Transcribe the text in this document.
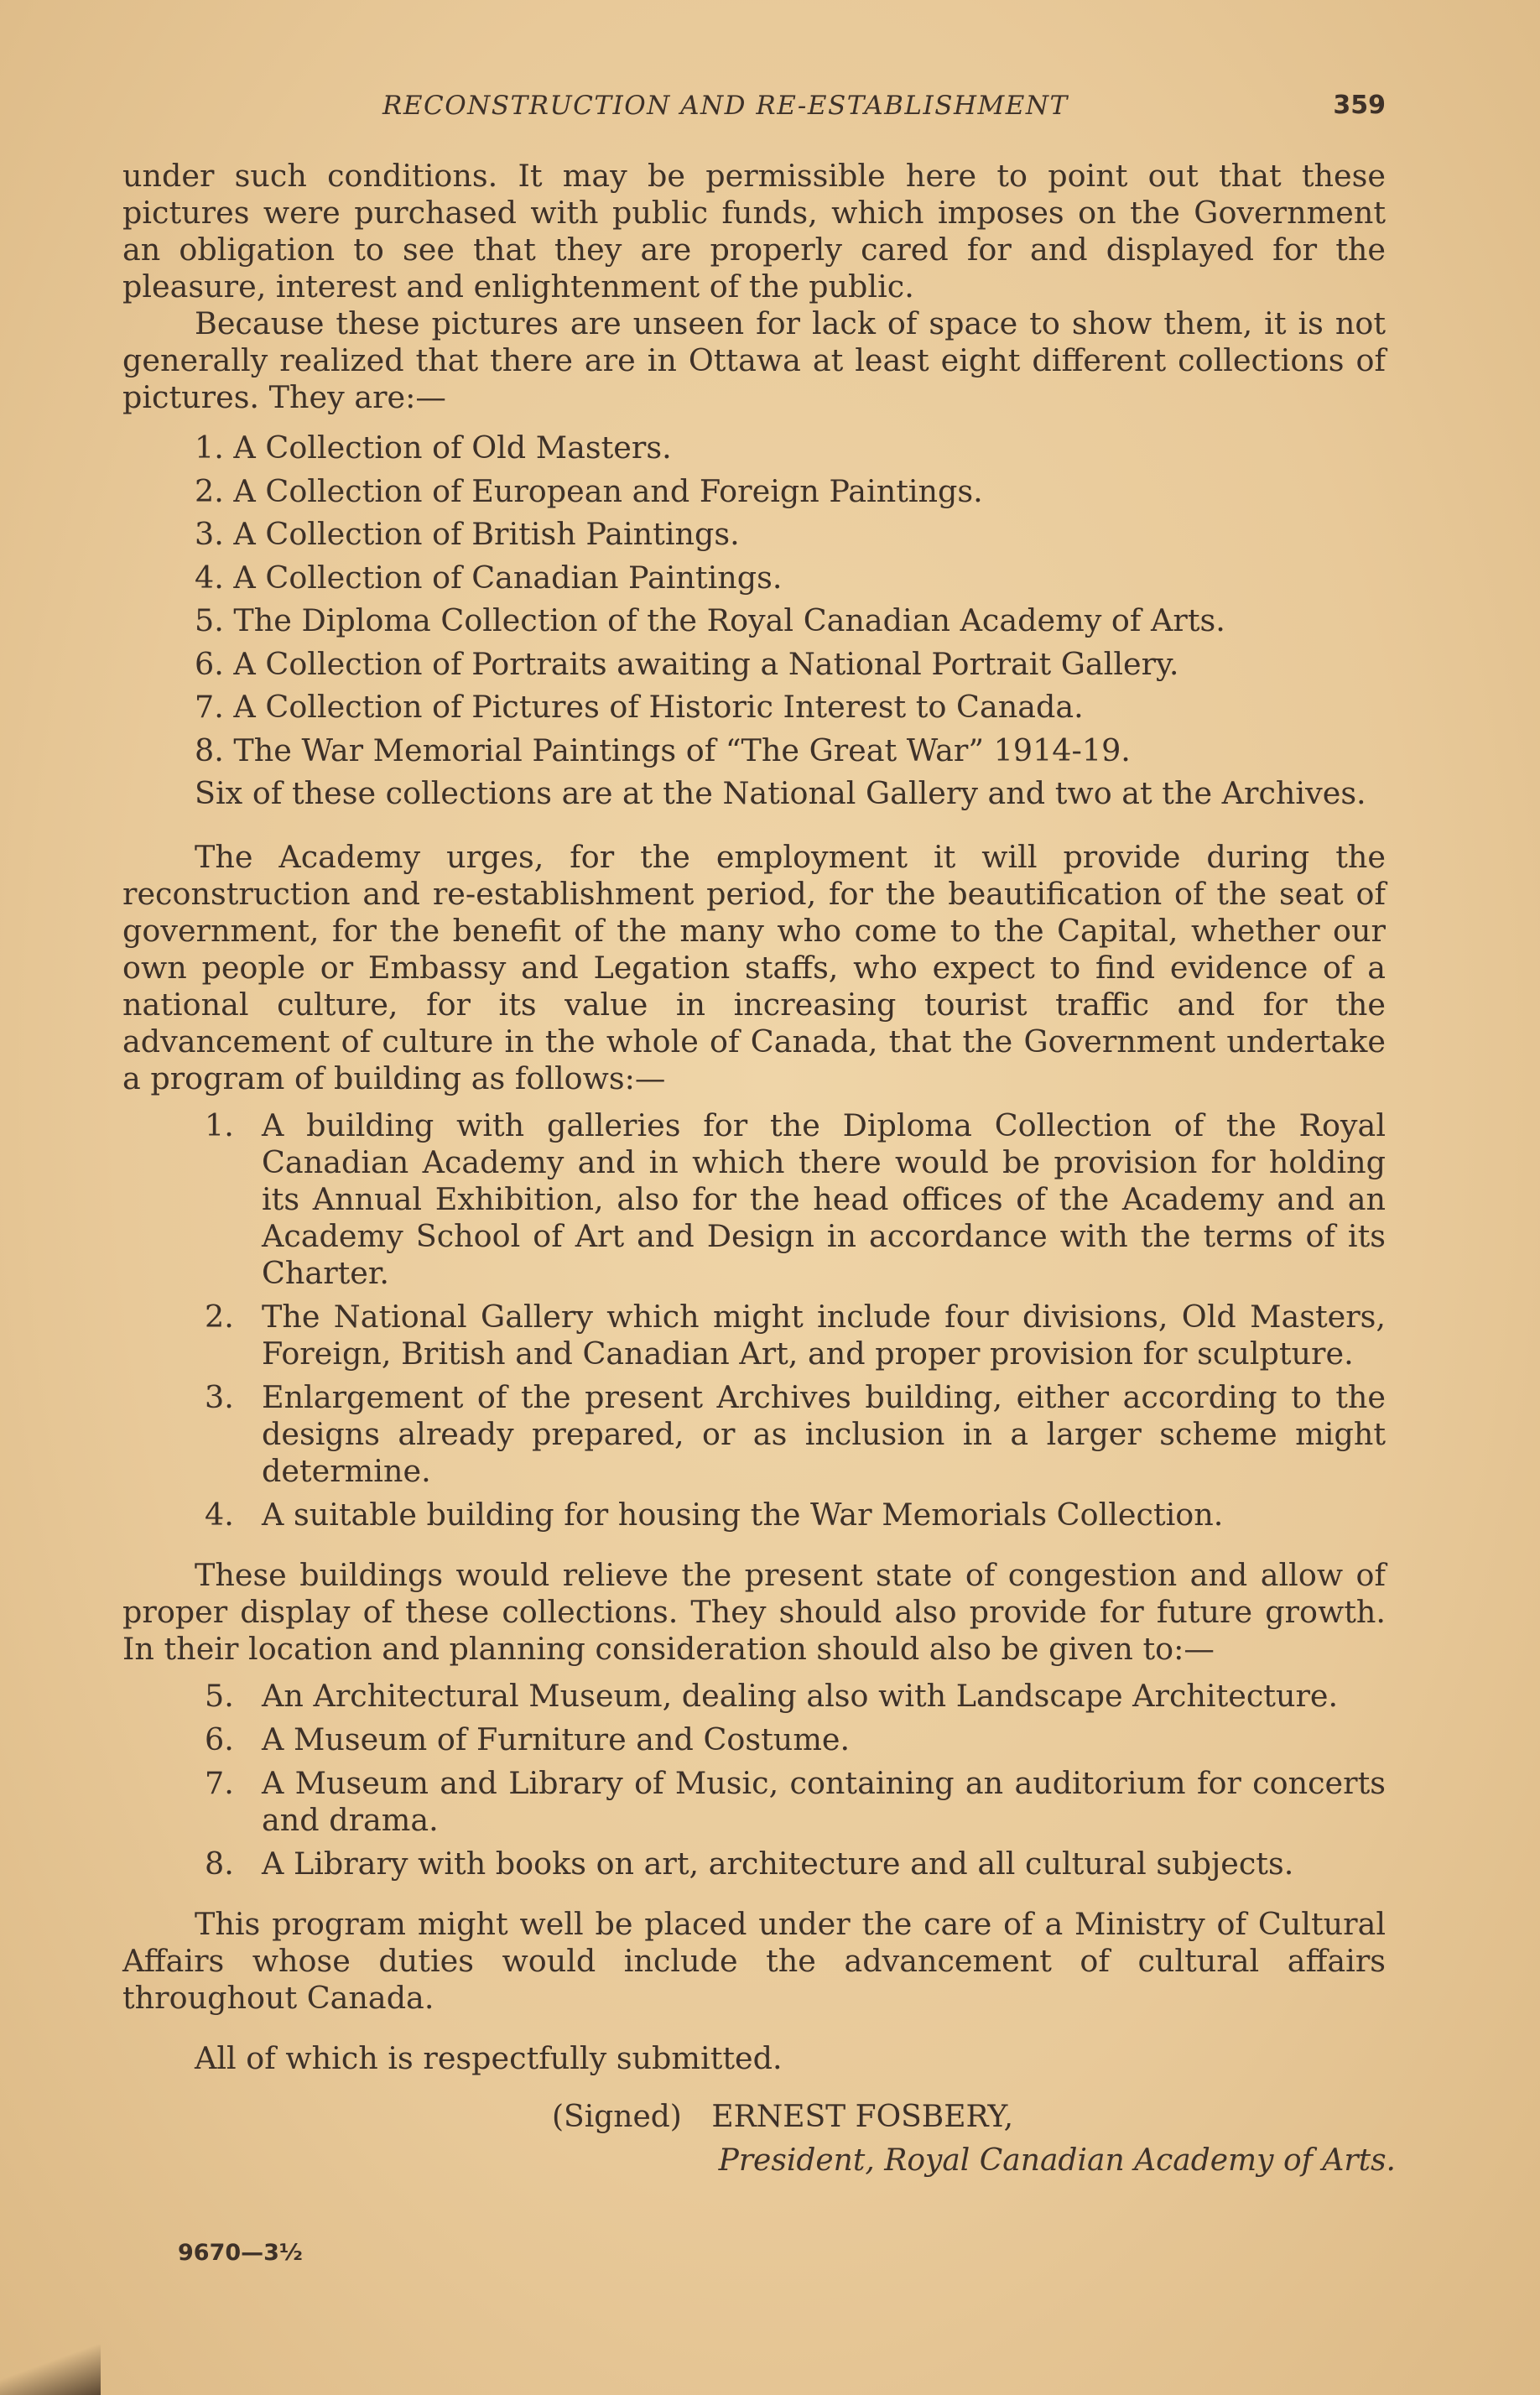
RECONSTRUCTION AND RE-ESTABLISHMENT	359

under such conditions. It may be permissible here to point out that these pictures were purchased with public funds, which imposes on the Government an obligation to see that they are properly cared for and displayed for the pleasure, interest and enlightenment of the public.

Because these pictures are unseen for lack of space to show them, it is not generally realized that there are in Ottawa at least eight different collections of pictures. They are:—

1. A Collection of Old Masters.
2. A Collection of European and Foreign Paintings.
3. A Collection of British Paintings.
4. A Collection of Canadian Paintings.
5. The Diploma Collection of the Royal Canadian Academy of Arts.
6. A Collection of Portraits awaiting a National Portrait Gallery.
7. A Collection of Pictures of Historic Interest to Canada.
8. The War Memorial Paintings of “The Great War” 1914-19.

Six of these collections are at the National Gallery and two at the Archives.

The Academy urges, for the employment it will provide during the reconstruction and re-establishment period, for the beautification of the seat of government, for the benefit of the many who come to the Capital, whether our own people or Embassy and Legation staffs, who expect to find evidence of a national culture, for its value in increasing tourist traffic and for the advancement of culture in the whole of Canada, that the Government undertake a program of building as follows:—

1. A building with galleries for the Diploma Collection of the Royal Canadian Academy and in which there would be provision for holding its Annual Exhibition, also for the head offices of the Academy and an Academy School of Art and Design in accordance with the terms of its Charter.
2. The National Gallery which might include four divisions, Old Masters, Foreign, British and Canadian Art, and proper provision for sculpture.
3. Enlargement of the present Archives building, either according to the designs already prepared, or as inclusion in a larger scheme might determine.
4. A suitable building for housing the War Memorials Collection.

These buildings would relieve the present state of congestion and allow of proper display of these collections. They should also provide for future growth. In their location and planning consideration should also be given to:—

5. An Architectural Museum, dealing also with Landscape Architecture.
6. A Museum of Furniture and Costume.
7. A Museum and Library of Music, containing an auditorium for concerts and drama.
8. A Library with books on art, architecture and all cultural subjects.

This program might well be placed under the care of a Ministry of Cultural Affairs whose duties would include the advancement of cultural affairs throughout Canada.

All of which is respectfully submitted.

(Signed) ERNEST FOSBERY,
President, Royal Canadian Academy of Arts.
9670—3½
